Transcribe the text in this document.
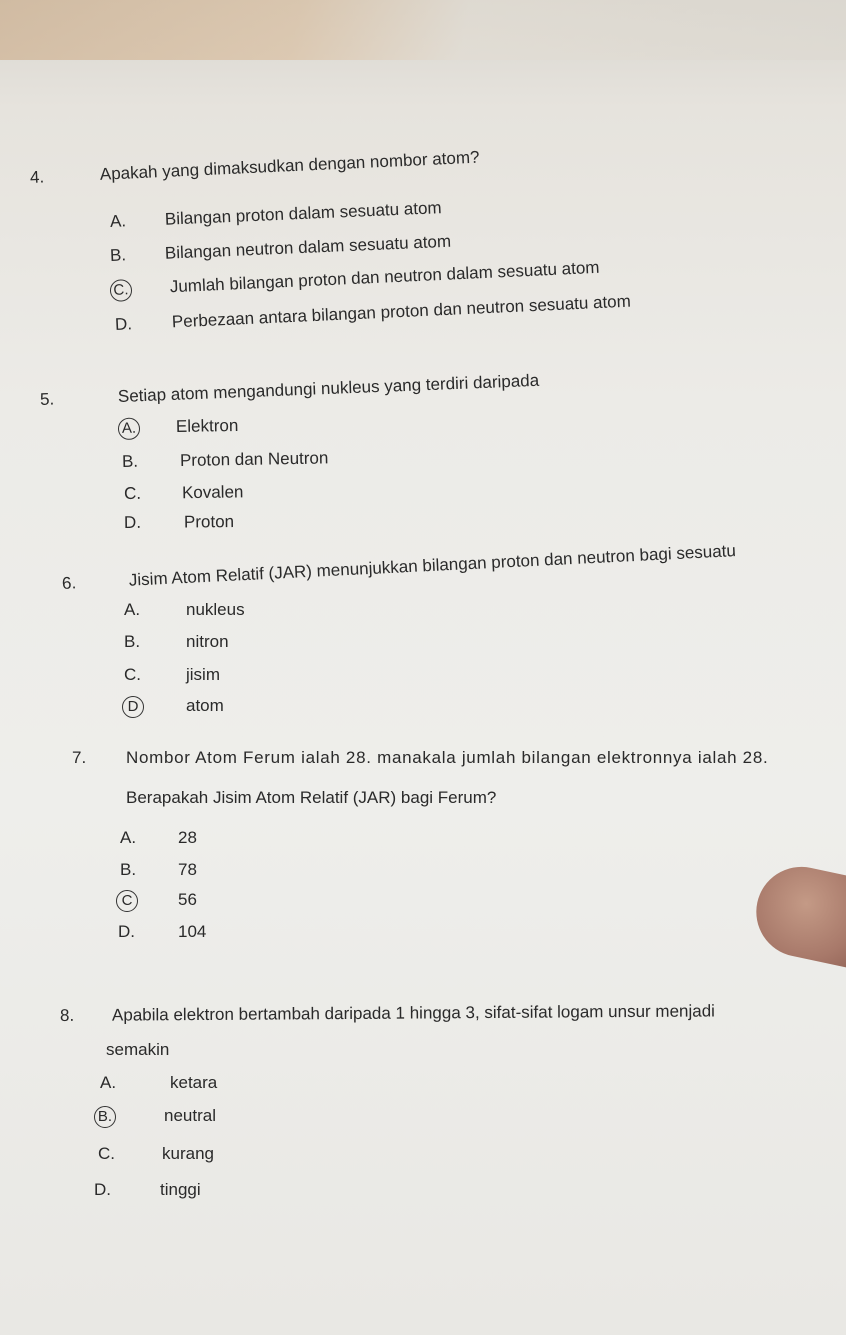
4.	Apakah yang dimaksudkan dengan nombor atom?
A. Bilangan proton dalam sesuatu atom
B. Bilangan neutron dalam sesuatu atom
C. Jumlah bilangan proton dan neutron dalam sesuatu atom
D. Perbezaan antara bilangan proton dan neutron sesuatu atom
5.	Setiap atom mengandungi nukleus yang terdiri daripada
A. Elektron
B. Proton dan Neutron
C. Kovalen
D.	Proton
6.	Jisim Atom Relatif (JAR) menunjukkan bilangan proton dan neutron bagi sesuatu
A.	nukleus
B.	nitron
C.	jisim
D	atom
7. Nombor Atom Ferum ialah 28. manakala jumlah bilangan elektronnya ialah 28.
Berapakah Jisim Atom Relatif (JAR) bagi Ferum?
A. 28
B. 78
C	56
D.	104
8. Apabila elektron bertambah daripada 1 hingga 3, sifat-sifat logam unsur menjadi
semakin
A.	ketara
B.	neutral
C.	kurang
D.	tinggi
